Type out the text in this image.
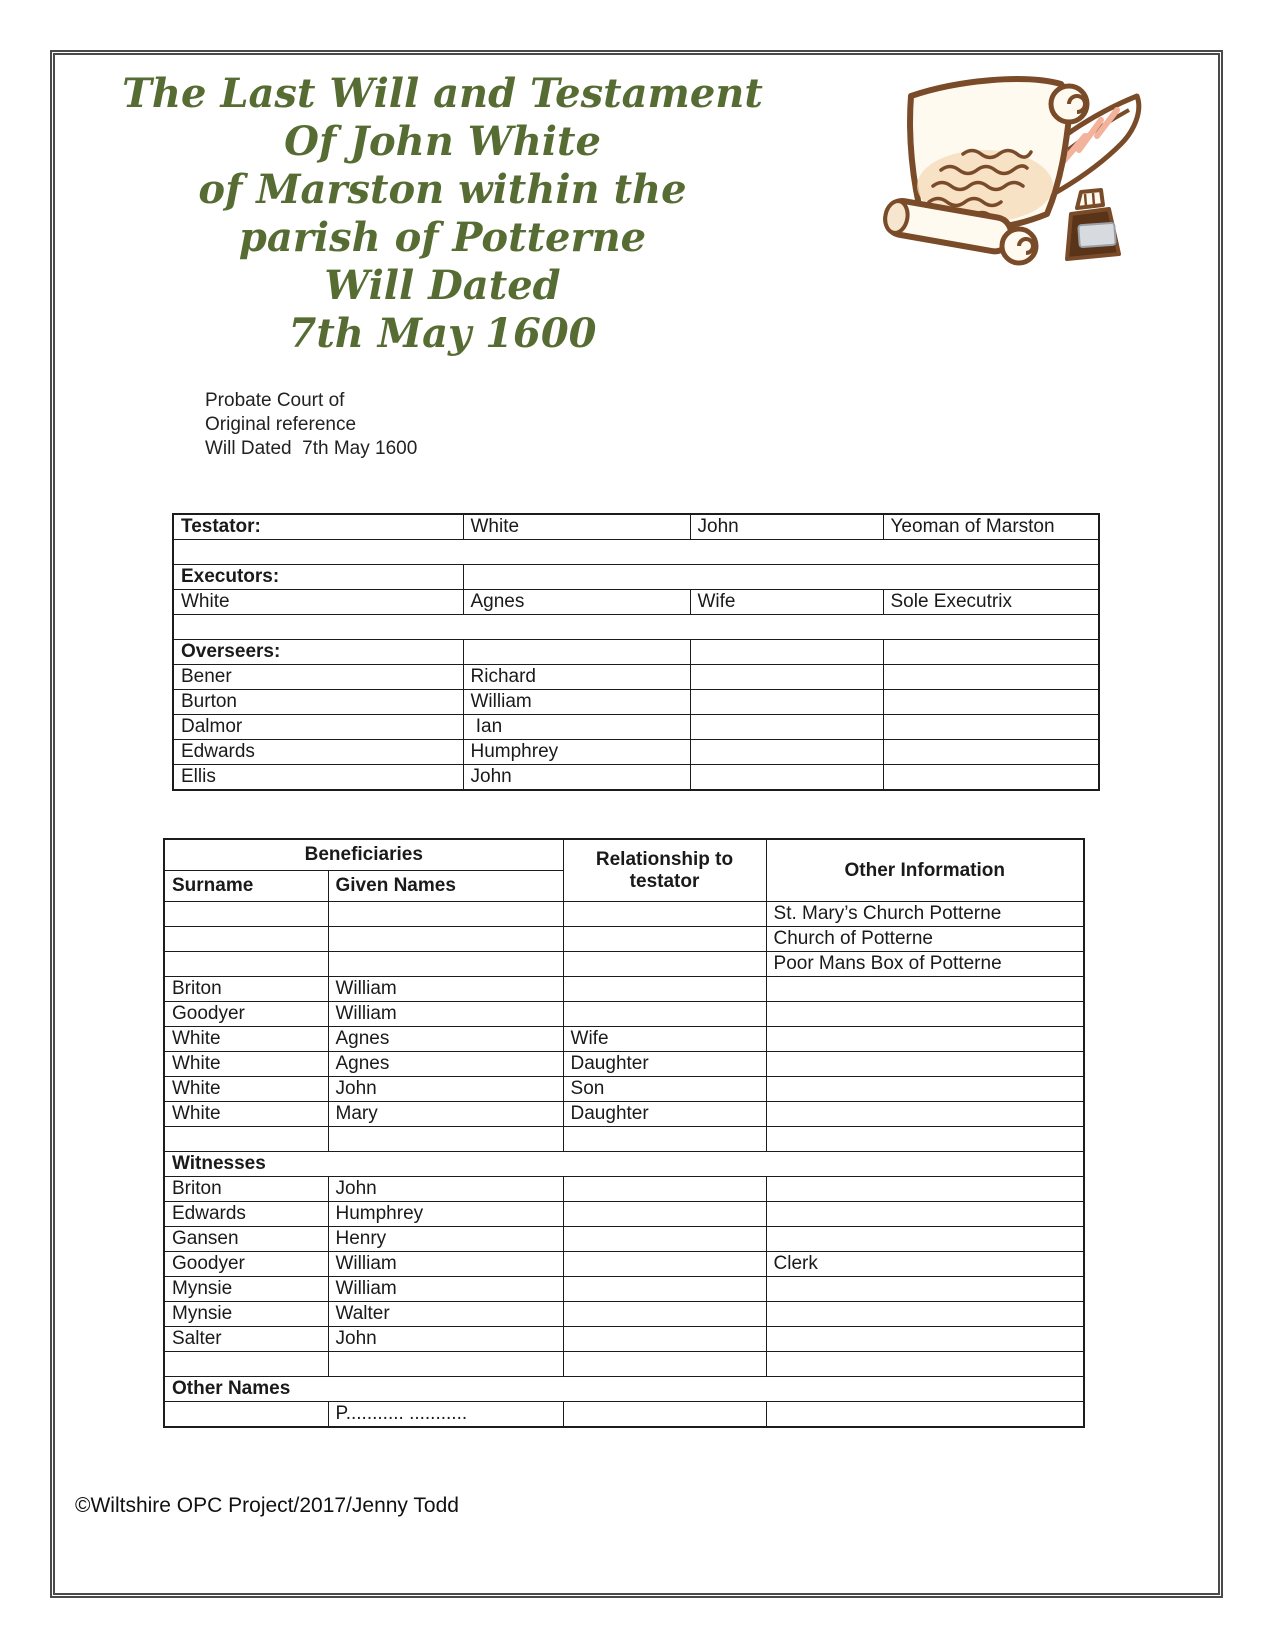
The Last Will and Testament
Of John White
of Marston within the
parish of Potterne
Will Dated
7th May 1600
Probate Court of
Original reference
Will Dated  7th May 1600
Testator:	White	John	Yeoman of Marston

Executors:			
White	Agnes	Wife	Sole Executrix

Overseers:			
Bener	Richard		
Burton	William		
Dalmor	Ian		
Edwards	Humphrey		
Ellis	John		
Beneficiaries		Relationship to testator	Other Information
Surname	Given Names		
			St. Mary’s Church Potterne
			Church of Potterne
			Poor Mans Box of Potterne
Briton	William		
Goodyer	William		
White	Agnes	Wife	
White	Agnes	Daughter	
White	John	Son	
White	Mary	Daughter	

Witnesses			
Briton	John		
Edwards	Humphrey		
Gansen	Henry		
Goodyer	William		Clerk
Mynsie	William		
Mynsie	Walter		
Salter	John		

Other Names			
	P........... ...........		
©Wiltshire OPC Project/2017/Jenny Todd
